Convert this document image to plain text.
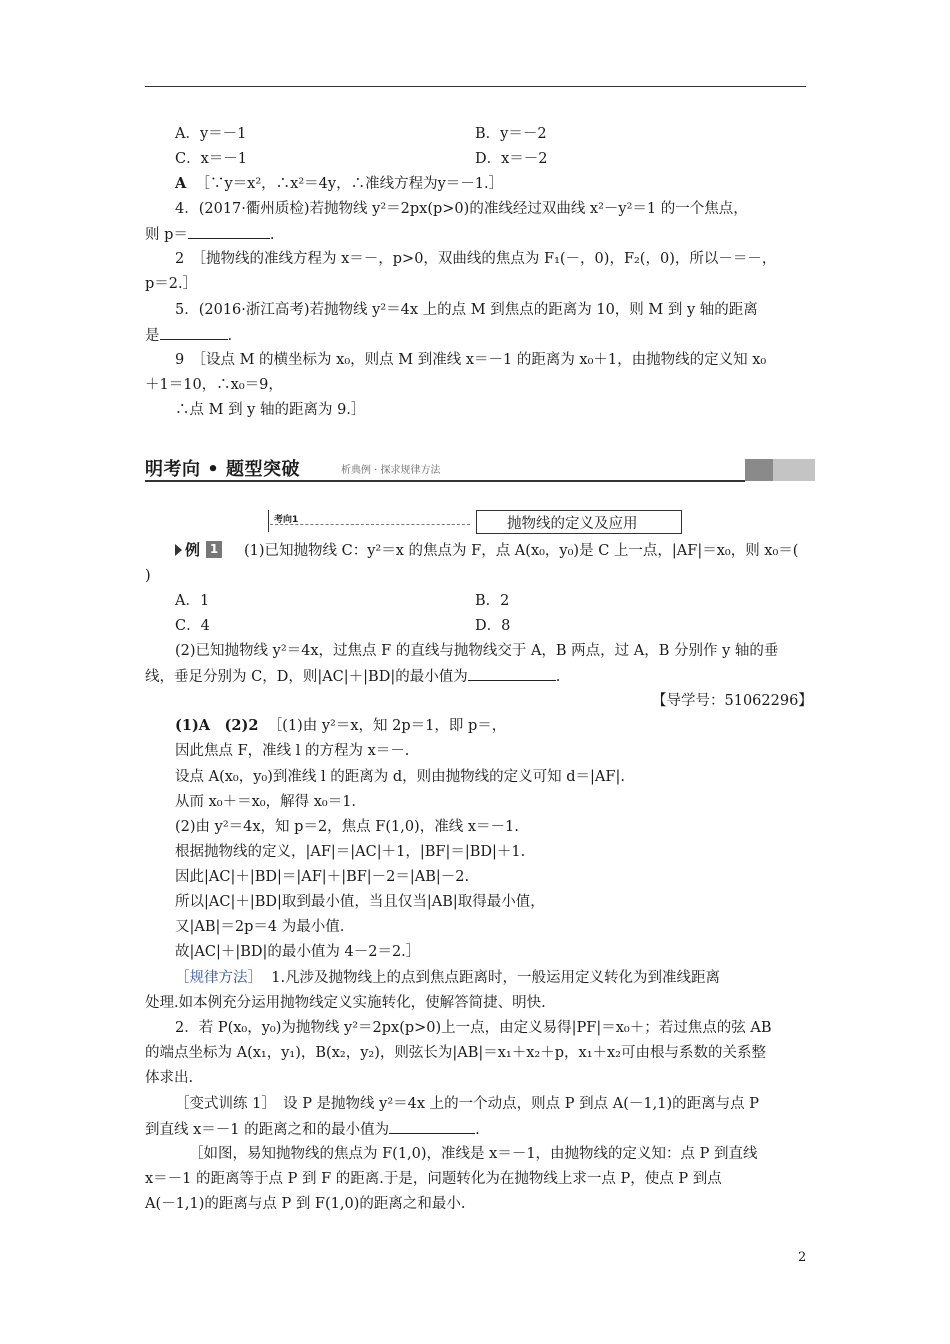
A．y＝－1	B．y＝－2
C．x＝－1	D．x＝－2
A ［∵y＝x²，∴x²＝4y，∴准线方程为y＝－1.］
4．(2017·衢州质检)若抛物线 y²＝2px(p>0)的准线经过双曲线 x²－y²＝1 的一个焦点，
则 p＝	.
2　［抛物线的准线方程为 x＝－，p>0，双曲线的焦点为 F₁(－，0)，F₂(，0)，所以－＝－，
p＝2.］
5．(2016·浙江高考)若抛物线 y²＝4x 上的点 M 到焦点的距离为 10，则 M 到 y 轴的距离
是	.
9　［设点 M 的横坐标为 x₀，则点 M 到准线 x＝－1 的距离为 x₀＋1，由抛物线的定义知 x₀
＋1＝10，∴x₀＝9，
∴点 M 到 y 轴的距离为 9.］
明考向 • 题型突破	析典例 · 探求规律方法
考向1	抛物线的定义及应用
例 1 (1)已知抛物线 C：y²＝x 的焦点为 F，点 A(x₀，y₀)是 C 上一点，|AF|＝x₀，则 x₀＝(
)
A．1	B．2
C．4	D．8
(2)已知抛物线 y²＝4x，过焦点 F 的直线与抛物线交于 A，B 两点，过 A，B 分别作 y 轴的垂
线，垂足分别为 C，D，则|AC|＋|BD|的最小值为	.
【导学号：51062296】
(1)A　(2)2 ［(1)由 y²＝x，知 2p＝1，即 p＝，
因此焦点 F，准线 l 的方程为 x＝－.
设点 A(x₀，y₀)到准线 l 的距离为 d，则由抛物线的定义可知 d＝|AF|.
从而 x₀＋＝x₀，解得 x₀＝1.
(2)由 y²＝4x，知 p＝2，焦点 F(1,0)，准线 x＝－1.
根据抛物线的定义，|AF|＝|AC|＋1，|BF|＝|BD|＋1.
因此|AC|＋|BD|＝|AF|＋|BF|－2＝|AB|－2.
所以|AC|＋|BD|取到最小值，当且仅当|AB|取得最小值，
又|AB|＝2p＝4 为最小值.
故|AC|＋|BD|的最小值为 4－2＝2.］
［规律方法］ 1.凡涉及抛物线上的点到焦点距离时，一般运用定义转化为到准线距离
处理.如本例充分运用抛物线定义实施转化，使解答简捷、明快.
2．若 P(x₀，y₀)为抛物线 y²＝2px(p>0)上一点，由定义易得|PF|＝x₀＋；若过焦点的弦 AB
的端点坐标为 A(x₁，y₁)，B(x₂，y₂)，则弦长为|AB|＝x₁＋x₂＋p，x₁＋x₂可由根与系数的关系整
体求出.
［变式训练 1］　设 P 是抛物线 y²＝4x 上的一个动点，则点 P 到点 A(－1,1)的距离与点 P
到直线 x＝－1 的距离之和的最小值为	.
［如图，易知抛物线的焦点为 F(1,0)，准线是 x＝－1，由抛物线的定义知：点 P 到直线
x＝－1 的距离等于点 P 到 F 的距离.于是，问题转化为在抛物线上求一点 P，使点 P 到点
A(－1,1)的距离与点 P 到 F(1,0)的距离之和最小.
2
